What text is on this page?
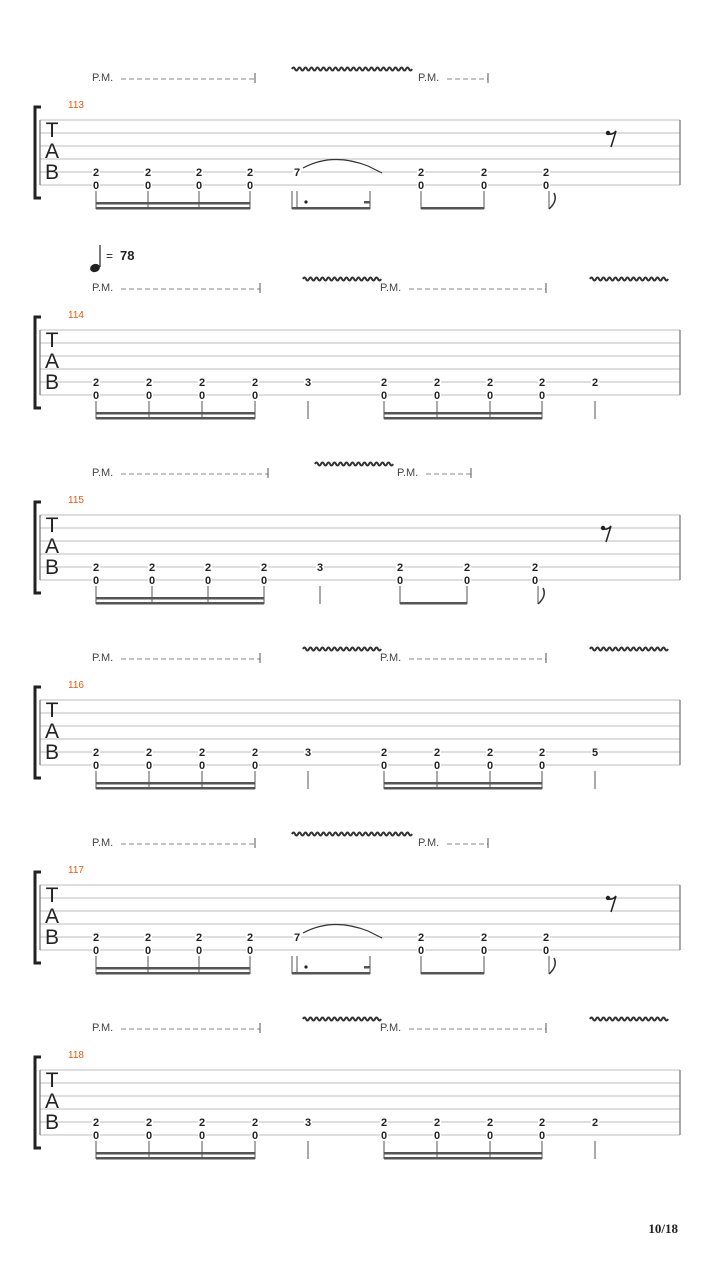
T
A
B
113
P.M.	P.M.
2
0
2
0
2
0
2
0
7	2
0
2
0
2
0
T
A
B
114
= 78
P.M.	P.M.
2
0
2
0
2
0
2
0
3	2
0
2
0
2
0
2
0
2
T
A
B
115
P.M.	P.M.
2
0
2
0
2
0
2
0
3	2
0
2
0
2
0
T
A
B
116
P.M.	P.M.
2
0
2
0
2
0
2
0
3	2
0
2
0
2
0
2
0
5
T
A
B
117
P.M.	P.M.
2
0
2
0
2
0
2
0
7	2
0
2
0
2
0
T
A
B
118
P.M.	P.M.
2
0
2
0
2
0
2
0
3	2
0
2
0
2
0
2
0
2
10/18
